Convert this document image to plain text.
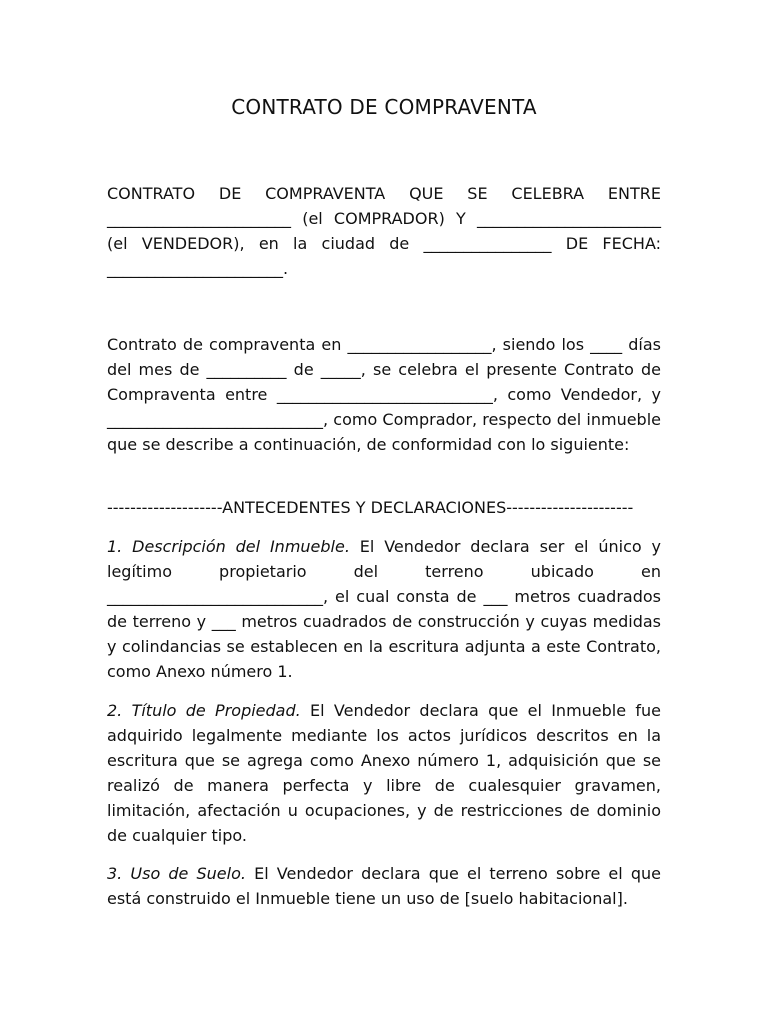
CONTRATO DE COMPRAVENTA

CONTRATO DE COMPRAVENTA QUE SE CELEBRA ENTRE _______________________ (el COMPRADOR) Y _______________________ (el VENDEDOR), en la ciudad de ________________ DE FECHA: ______________________.

Contrato de compraventa en __________________, siendo los ____ días del mes de __________ de _____, se celebra el presente Contrato de Compraventa entre ___________________________, como Vendedor, y ___________________________, como Comprador, respecto del inmueble que se describe a continuación, de conformidad con lo siguiente:

--------------------ANTECEDENTES Y DECLARACIONES----------------------

1. Descripción del Inmueble. El Vendedor declara ser el único y legítimo propietario del terreno ubicado en ___________________________, el cual consta de ___ metros cuadrados de terreno y ___ metros cuadrados de construcción y cuyas medidas y colindancias se establecen en la escritura adjunta a este Contrato, como Anexo número 1.

2. Título de Propiedad. El Vendedor declara que el Inmueble fue adquirido legalmente mediante los actos jurídicos descritos en la escritura que se agrega como Anexo número 1, adquisición que se realizó de manera perfecta y libre de cualesquier gravamen, limitación, afectación u ocupaciones, y de restricciones de dominio de cualquier tipo.

3. Uso de Suelo. El Vendedor declara que el terreno sobre el que está construido el Inmueble tiene un uso de [suelo habitacional].
